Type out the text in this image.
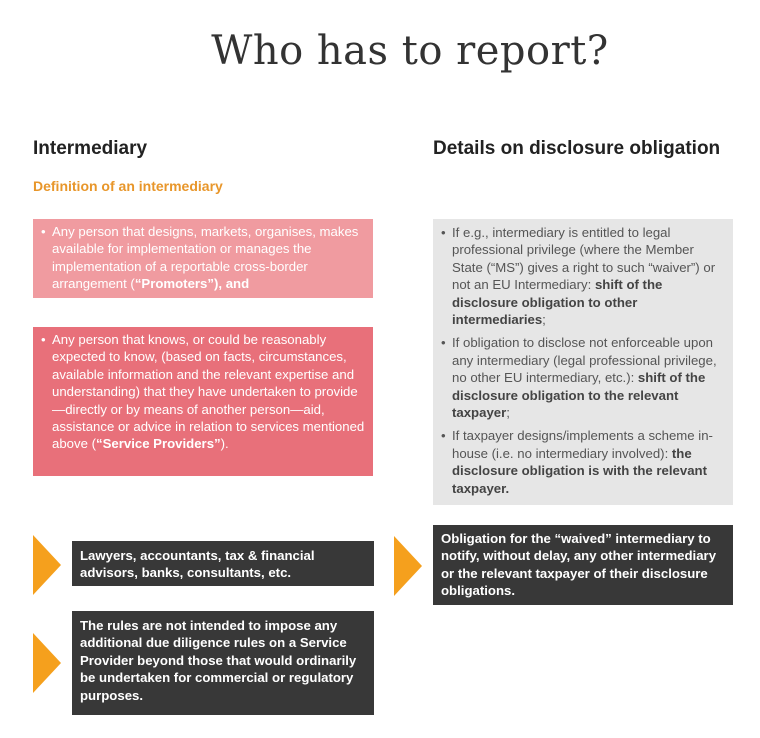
Who has to report?
Intermediary
Definition of an intermediary
Details on disclosure obligation
• Any person that designs, markets, organises, makes available for implementation or manages the implementation of a reportable cross-border arrangement (“Promoters”), and
• Any person that knows, or could be reasonably expected to know, (based on facts, circumstances, available information and the relevant expertise and understanding) that they have undertaken to provide—directly or by means of another person—aid, assistance or advice in relation to services mentioned above (“Service Providers”).
• If e.g., intermediary is entitled to legal professional privilege (where the Member State (“MS”) gives a right to such “waiver”) or not an EU Intermediary: shift of the disclosure obligation to other intermediaries;
• If obligation to disclose not enforceable upon any intermediary (legal professional privilege, no other EU intermediary, etc.): shift of the disclosure obligation to the relevant taxpayer;
• If taxpayer designs/implements a scheme in-house (i.e. no intermediary involved): the disclosure obligation is with the relevant taxpayer.
Lawyers, accountants, tax & financial advisors, banks, consultants, etc.
The rules are not intended to impose any additional due diligence rules on a Service Provider beyond those that would ordinarily be undertaken for commercial or regulatory purposes.
Obligation for the “waived” intermediary to notify, without delay, any other intermediary or the relevant taxpayer of their disclosure obligations.
